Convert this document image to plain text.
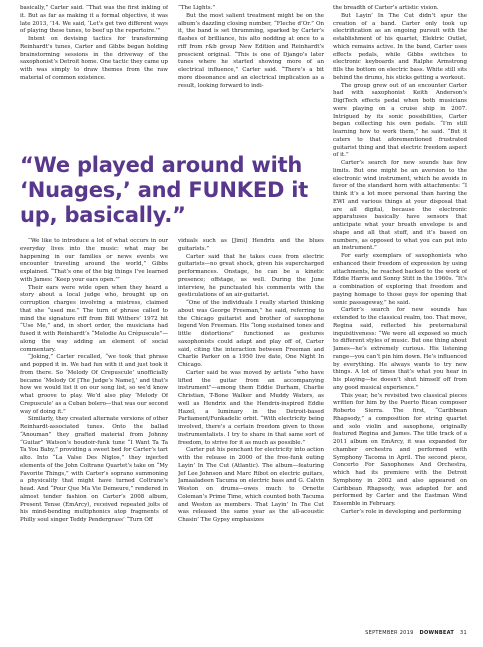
basically,” Carter said. “That was the first inkling of it. But as far as making it a formal objective, it was late 2013, ’14. We said, ‘Let’s get two different ways of playing these tunes, to beef up the repertoire.’”

Intent on devising tactics for transforming Reinhardt’s tunes, Carter and Gibbs began holding brainstorming sessions in the driveway of the saxophonist’s Detroit home. One tactic they came up with was simply to draw themes from the raw material of common existence.

“The Lights.”

But the most salient treatment might be on the album’s dazzling closing number, “Fleche d’Or.” On it, the band is set thrumming, sparked by Carter’s flashes of brilliance, his alto nodding at once to a riff from r&b group New Edition and Reinhardt’s prescient original. “This is one of Django’s later tunes where he started showing more of an electrical influence,” Carter said. “There’s a bit more dissonance and an electrical implication as a result, looking forward to indi-

“We played around with ‘Nuages,’ and FUNKED it up, basically.”

“We like to introduce a lot of what occurs in our everyday lives into the music: what may be happening in our families or news events we encounter traveling around the world,” Gibbs explained. “That’s one of the big things I’ve learned with James: ‘Keep your ears open.’”

Their ears were wide open when they heard a story about a local judge who, brought up on corruption charges involving a mistress, claimed that she “used me.” The turn of phrase called to mind the signature riff from Bill Withers’ 1972 hit “Use Me,” and, in short order, the musicians had fused it with Reinhardt’s “Melodie Au Crépuscule”—along the way adding an element of social commentary.

“Joking,” Carter recalled, “we took that phrase and popped it in. We had fun with it and just took it from there. So ‘Melody Of Crepuscule’ unofficially became ‘Melody Of [The Judge’s Name],’ and that’s how we would list it on our song list, so we’d know what groove to play. We’d also play ‘Melody Of Crepuscule’ as a Cuban bolero—that was our second way of doing it.”

Similarly, they created alternate versions of other Reinhardt-associated tunes. Onto the ballad “Anouman” they grafted material from Johnny “Guitar” Watson’s boudoir-funk tune “I Want Ta Ta Ta You Baby,” providing a sweet bed for Carter’s tart alto. Into “La Valse Des Niglos,” they injected elements of the John Coltrane Quartet’s take on “My Favorite Things,” with Carter’s soprano summoning a physicality that might have turned Coltrane’s head. And “Pour Que Ma Vie Demeure,” rendered in almost tender fashion on Carter’s 2008 album, Present Tense (EmArcy), received repeated jolts of his mind-bending multiphonics atop fragments of Philly soul singer Teddy Pendergrass’ “Turn Off

viduals such as [Jimi] Hendrix and the blues guitarists.”

Carter said that he takes cues from electric guitarists—no great shock, given his supercharged performances. Onstage, he can be a kinetic presence; offstage, as well. During the June interview, he punctuated his comments with the gesticulations of an air-guitarist.

“One of the individuals I really started thinking about was George Freeman,” he said, referring to the Chicago guitarist and brother of saxophone legend Von Freeman. His “long sustained tones and little distortions” functioned as gestures saxophonists could adapt and play off of, Carter said, citing the interaction between Freeman and Charlie Parker on a 1950 live date, One Night In Chicago.

Carter said he was moved by artists “who have lifted the guitar from an accompanying instrument”—among them Eddie Durham, Charlie Christian, T-Bone Walker and Muddy Waters, as well as Hendrix and the Hendrix-inspired Eddie Hazel, a luminary in the Detroit-based Parliament/Funkadelic orbit. “With electricity being involved, there’s a certain freedom given to those instrumentalists. I try to share in that same sort of freedom, to strive for it as much as possible.”

Carter put his penchant for electricity into action with the release in 2000 of the free-funk outing Layin’ In The Cut (Atlantic). The album—featuring Jef Lee Johnson and Marc Ribot on electric guitars, Jamaaladeen Tacuma on electric bass and G. Calvin Weston on drums—owes much to Ornette Coleman’s Prime Time, which counted both Tacuma and Weston as members. That Layin’ In The Cut was released the same year as the all-acoustic Chasin’ The Gypsy emphasizes

the breadth of Carter’s artistic vision.

But Layin’ In The Cut didn’t spur the creation of a band. Carter only took up electrification as an ongoing pursuit with the establishment of his quartet, Elektric Outlet, which remains active. In the band, Carter uses effects pedals, while Gibbs switches to electronic keyboards and Ralphe Armstrong fills the bottom on electric bass. White still sits behind the drums, his sticks getting a workout.

The group grew out of an encounter Carter had with saxophonist Keith Anderson’s DigiTech effects pedal when both musicians were playing on a cruise ship in 2007. Intrigued by its sonic possibilities, Carter began collecting his own pedals. “I’m still learning how to work them,” he said. “But it caters to that aforementioned frustrated guitarist thing and that electric freedom aspect of it.”

Carter’s search for new sounds has few limits. But one might be an aversion to the electronic wind instrument, which he avoids in favor of the standard horn with attachments: “I think it’s a lot more personal than having the EWI and various things at your disposal that are all digital, because the electronic apparatuses basically have sensors that anticipate what your breath envelope is and shape and all that stuff, and it’s based on numbers, as opposed to what you can put into an instrument.”

For early exemplars of saxophonists who enhanced their freedom of expression by using attachments, he reached backed to the work of Eddie Harris and Sonny Stitt in the 1960s. “It’s a combination of exploring that freedom and paying homage to those guys for opening that sonic passageway,” he said.

Carter’s search for new sounds has extended to the classical realm, too. That move, Regina said, reflected his preternatural inquisitiveness: “We were all exposed so much to different styles of music. But one thing about James—he’s extremely curious. His listening range—you can’t pin him down. He’s influenced by everything. He always wants to try new things. A lot of times that’s what you hear in his playing—he doesn’t shut himself off from any good musical experience.”

This year, he’s revisited two classical pieces written for him by the Puerto Rican composer Roberto Sierra. The first, “Caribbean Rhapsody,” a composition for string quartet and solo violin and saxophone, originally featured Regina and James. The title track of a 2011 album on EmArcy, it was expanded for chamber orchestra and performed with Symphony Tacoma in April. The second piece, Concerto For Saxophones And Orchestra, which had its premiere with the Detroit Symphony in 2002 and also appeared on Caribbean Rhapsody, was adapted for and performed by Carter and the Eastman Wind Ensemble in February.

Carter’s role in developing and performing

SEPTEMBER 2019 DOWNBEAT 31
